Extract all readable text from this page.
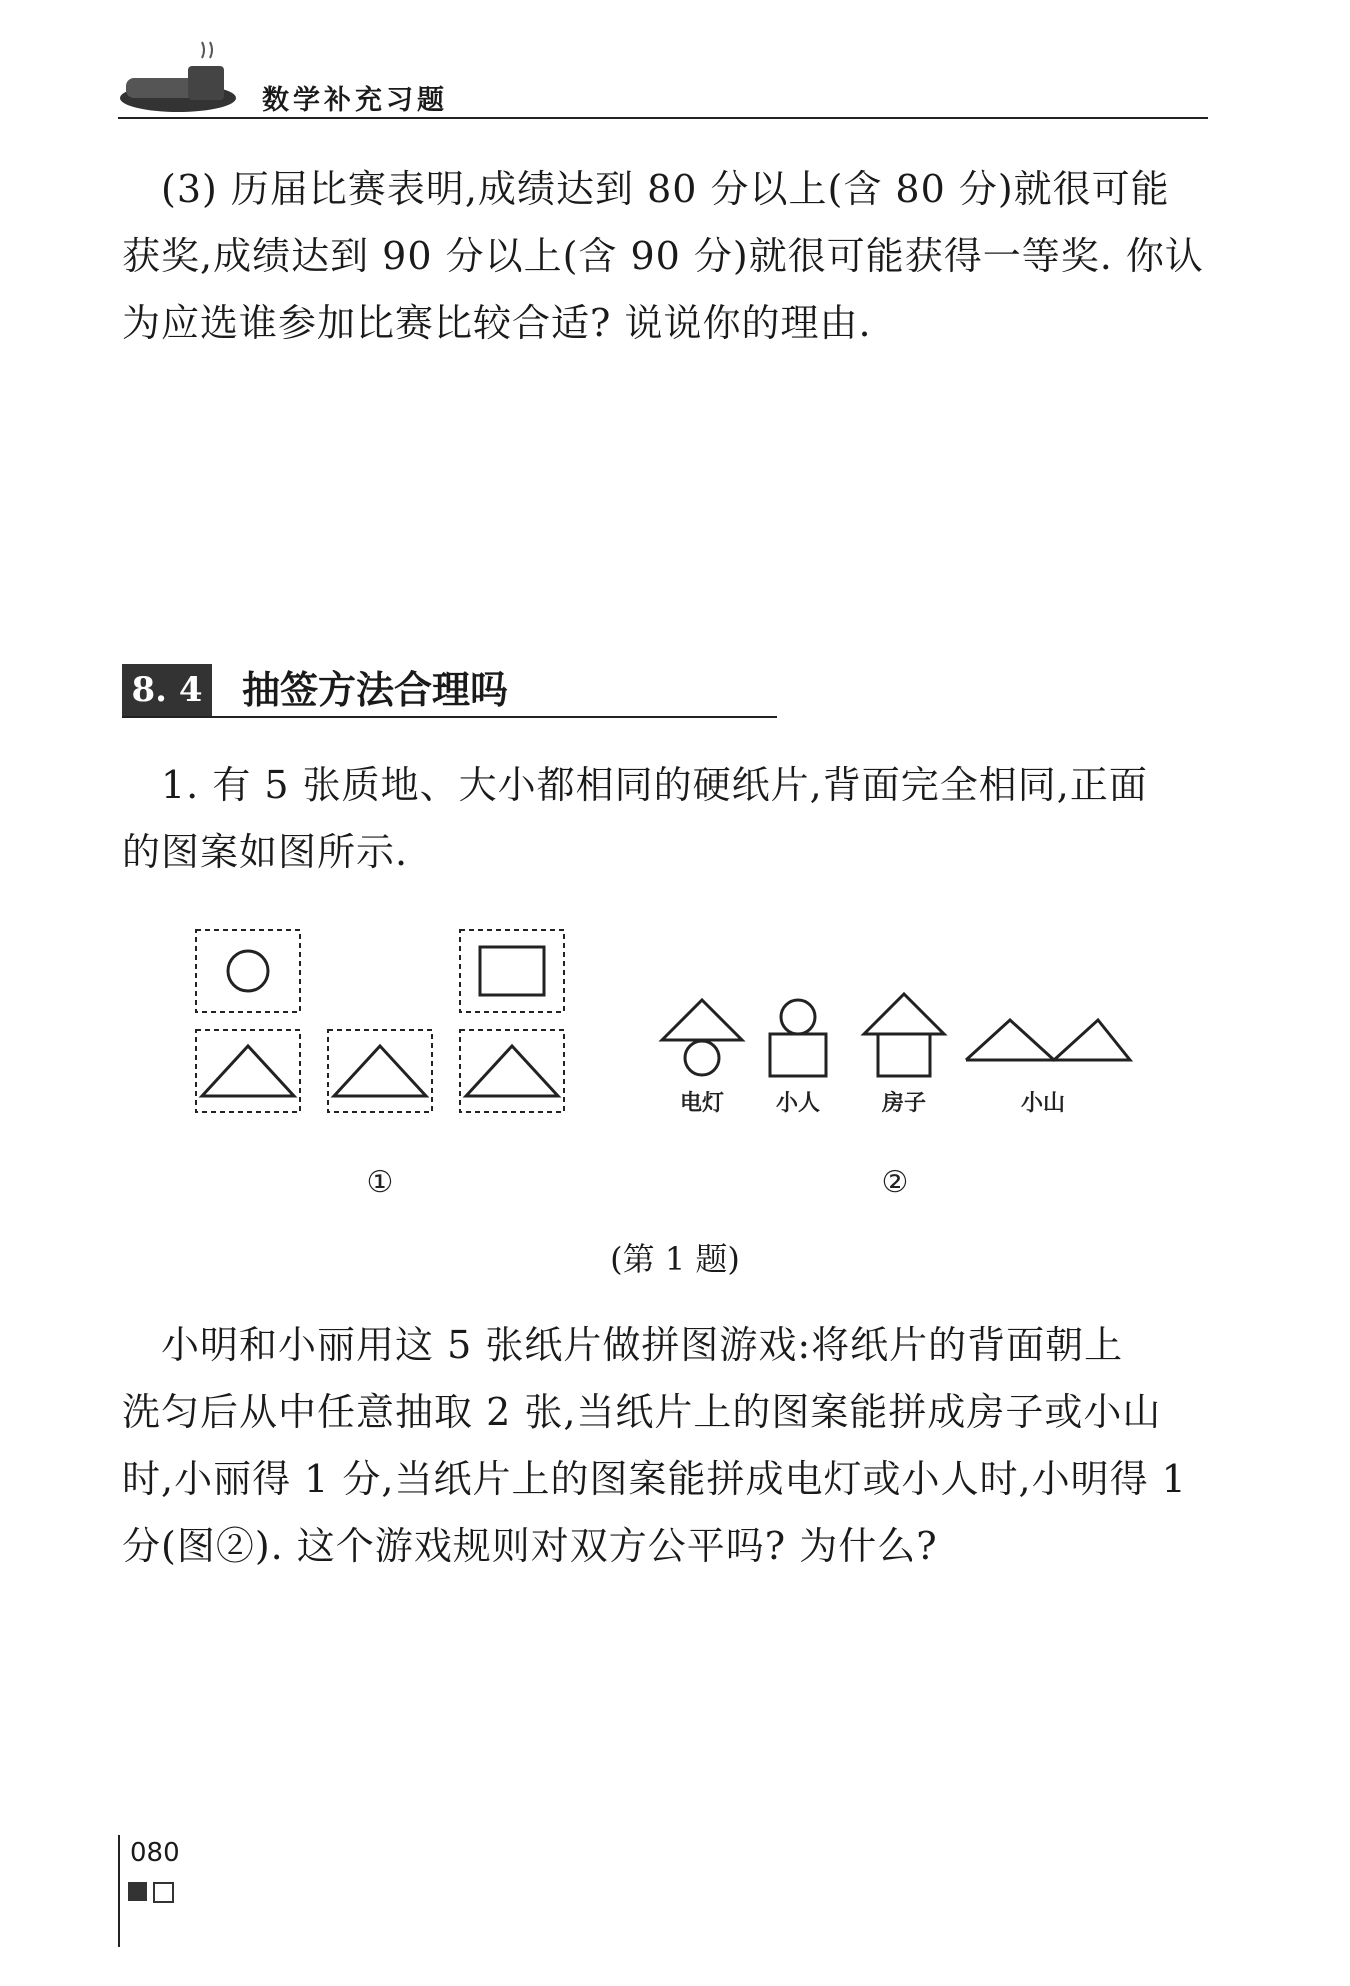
数学补充习题
　(3) 历届比赛表明,成绩达到 80 分以上(含 80 分)就很可能
获奖,成绩达到 90 分以上(含 90 分)就很可能获得一等奖. 你认
为应选谁参加比赛比较合适? 说说你的理由.
8. 4 抽签方法合理吗
　1. 有 5 张质地、大小都相同的硬纸片,背面完全相同,正面
的图案如图所示.
电灯 小人	房子	小山
①	②
(第 1 题)
　小明和小丽用这 5 张纸片做拼图游戏:将纸片的背面朝上
洗匀后从中任意抽取 2 张,当纸片上的图案能拼成房子或小山
时,小丽得 1 分,当纸片上的图案能拼成电灯或小人时,小明得 1
分(图②). 这个游戏规则对双方公平吗? 为什么?
080
